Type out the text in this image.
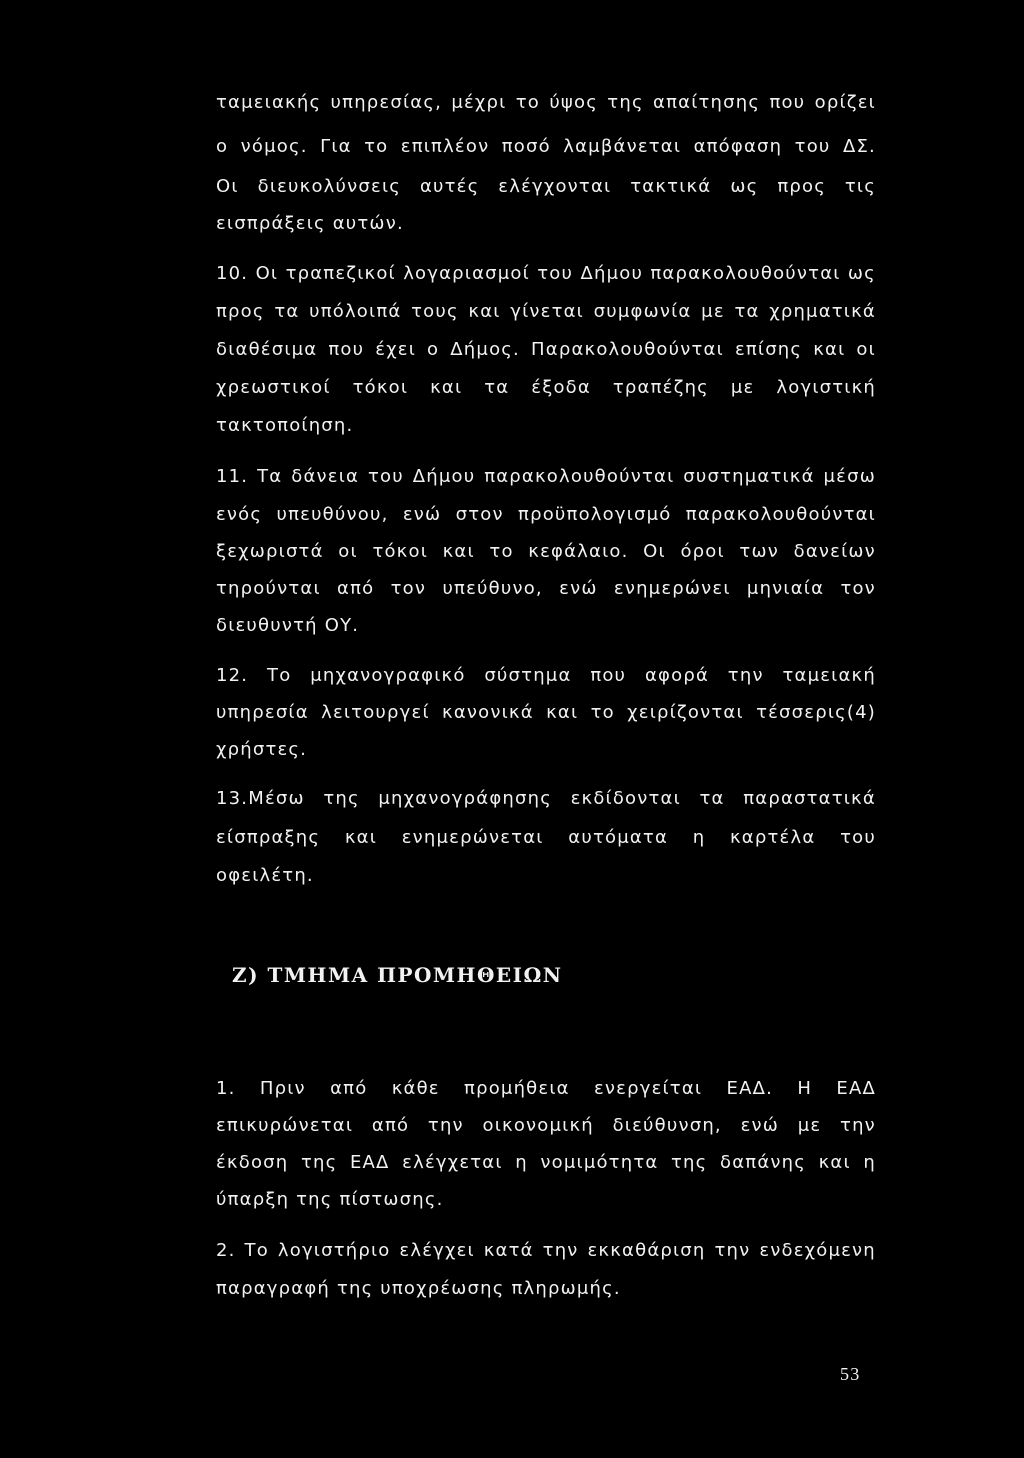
ταμειακής υπηρεσίας, μέχρι το ύψος της απαίτησης που ορίζει
ο νόμος. Για το επιπλέον ποσό λαμβάνεται απόφαση του ΔΣ.
Οι διευκολύνσεις αυτές ελέγχονται τακτικά ως προς τις
εισπράξεις αυτών.
10. Οι τραπεζικοί λογαριασμοί του Δήμου παρακολουθούνται ως
προς τα υπόλοιπά τους και γίνεται συμφωνία με τα χρηματικά
διαθέσιμα που έχει ο Δήμος. Παρακολουθούνται επίσης και οι
χρεωστικοί τόκοι και τα έξοδα τραπέζης με λογιστική
τακτοποίηση.
11. Τα δάνεια του Δήμου παρακολουθούνται συστηματικά μέσω
ενός υπευθύνου, ενώ στον προϋπολογισμό παρακολουθούνται
ξεχωριστά οι τόκοι και το κεφάλαιο. Οι όροι των δανείων
τηρούνται από τον υπεύθυνο, ενώ ενημερώνει μηνιαία τον
διευθυντή ΟΥ.
12. Το μηχανογραφικό σύστημα που αφορά την ταμειακή
υπηρεσία λειτουργεί κανονικά και το χειρίζονται τέσσερις(4)
χρήστες.
13.Μέσω της μηχανογράφησης εκδίδονται τα παραστατικά
είσπραξης και ενημερώνεται αυτόματα η καρτέλα του
οφειλέτη.
Ζ) ΤΜΗΜΑ ΠΡΟΜΗΘΕΙΩΝ
1. Πριν από κάθε προμήθεια ενεργείται ΕΑΔ. Η ΕΑΔ
επικυρώνεται από την οικονομική διεύθυνση, ενώ με την
έκδοση της ΕΑΔ ελέγχεται η νομιμότητα της δαπάνης και η
ύπαρξη της πίστωσης.
2. Το λογιστήριο ελέγχει κατά την εκκαθάριση την ενδεχόμενη
παραγραφή της υποχρέωσης πληρωμής.
53
